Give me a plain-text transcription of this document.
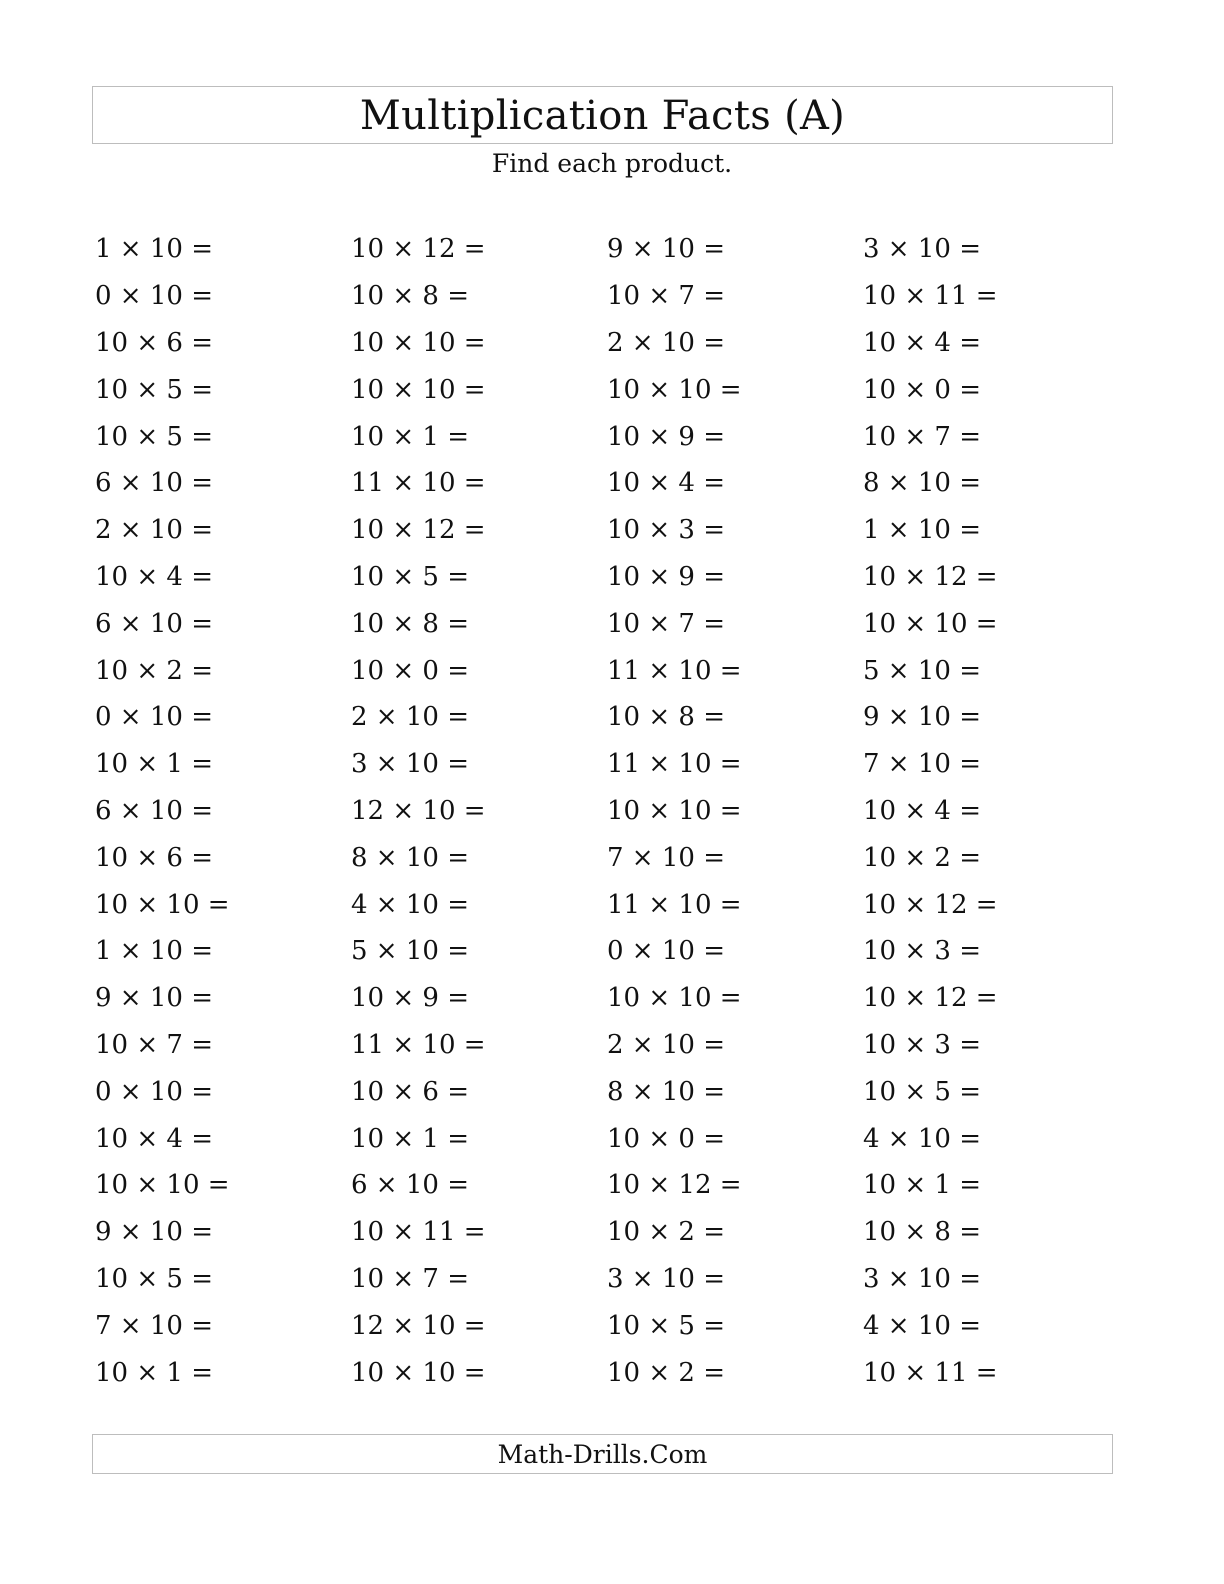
Multiplication Facts (A)
Find each product.
1 × 10 =	10 × 12 =	9 × 10 =	3 × 10 =
0 × 10 =	10 × 8 =	10 × 7 =	10 × 11 =
10 × 6 =	10 × 10 =	2 × 10 =	10 × 4 =
10 × 5 =	10 × 10 =	10 × 10 =	10 × 0 =
10 × 5 =	10 × 1 =	10 × 9 =	10 × 7 =
6 × 10 =	11 × 10 =	10 × 4 =	8 × 10 =
2 × 10 =	10 × 12 =	10 × 3 =	1 × 10 =
10 × 4 =	10 × 5 =	10 × 9 =	10 × 12 =
6 × 10 =	10 × 8 =	10 × 7 =	10 × 10 =
10 × 2 =	10 × 0 =	11 × 10 =	5 × 10 =
0 × 10 =	2 × 10 =	10 × 8 =	9 × 10 =
10 × 1 =	3 × 10 =	11 × 10 =	7 × 10 =
6 × 10 =	12 × 10 =	10 × 10 =	10 × 4 =
10 × 6 =	8 × 10 =	7 × 10 =	10 × 2 =
10 × 10 =	4 × 10 =	11 × 10 =	10 × 12 =
1 × 10 =	5 × 10 =	0 × 10 =	10 × 3 =
9 × 10 =	10 × 9 =	10 × 10 =	10 × 12 =
10 × 7 =	11 × 10 =	2 × 10 =	10 × 3 =
0 × 10 =	10 × 6 =	8 × 10 =	10 × 5 =
10 × 4 =	10 × 1 =	10 × 0 =	4 × 10 =
10 × 10 =	6 × 10 =	10 × 12 =	10 × 1 =
9 × 10 =	10 × 11 =	10 × 2 =	10 × 8 =
10 × 5 =	10 × 7 =	3 × 10 =	3 × 10 =
7 × 10 =	12 × 10 =	10 × 5 =	4 × 10 =
10 × 1 =	10 × 10 =	10 × 2 =	10 × 11 =
Math-Drills.Com
